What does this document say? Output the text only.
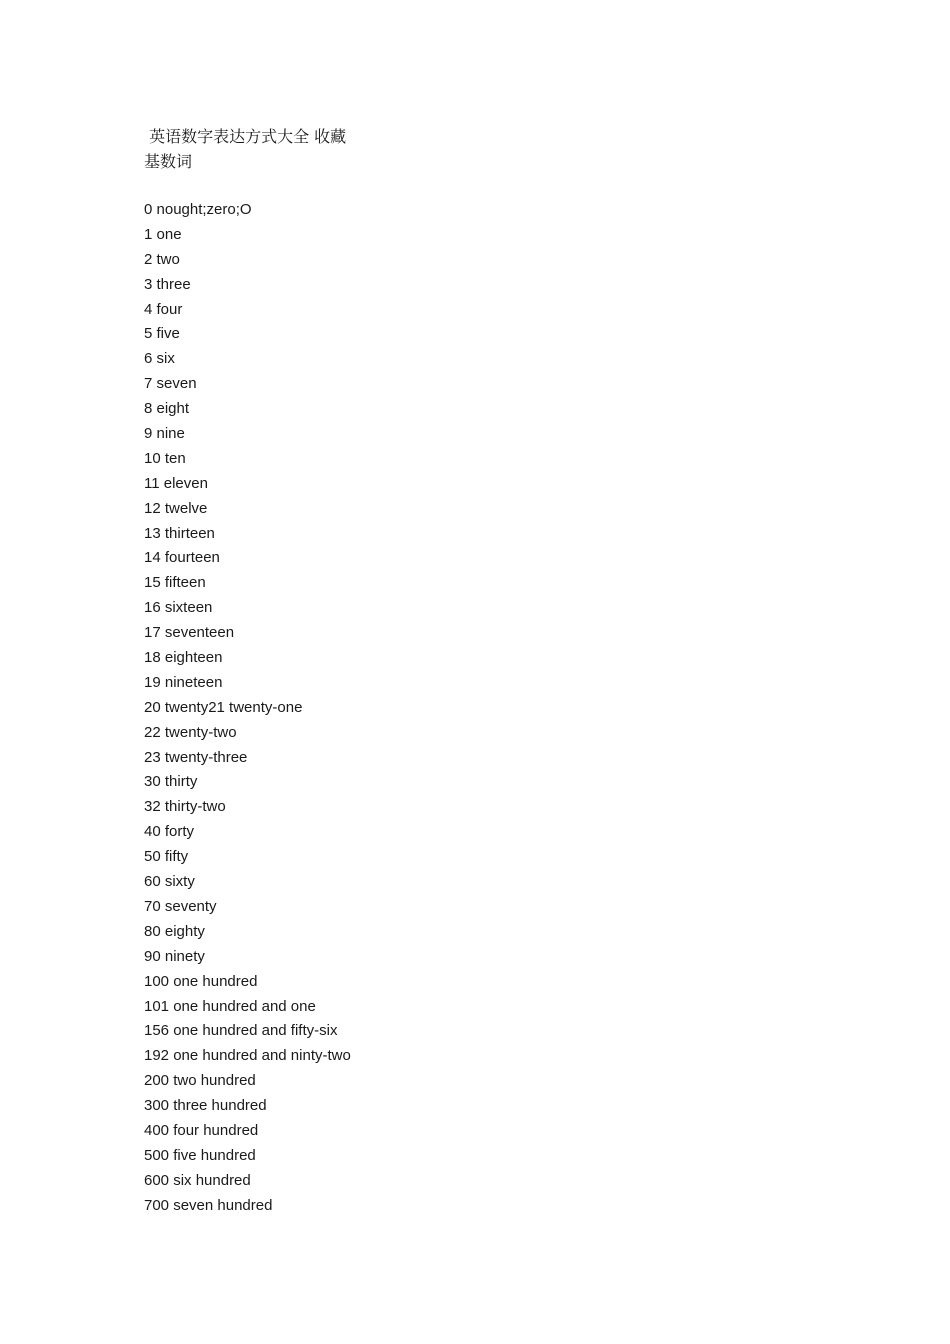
英语数字表达方式大全 收藏
基数词
0 nought;zero;O
1 one
2 two
3 three
4 four
5 five
6 six
7 seven
8 eight
9 nine
10 ten
11 eleven
12 twelve
13 thirteen
14 fourteen
15 fifteen
16 sixteen
17 seventeen
18 eighteen
19 nineteen
20 twenty21 twenty-one
22 twenty-two
23 twenty-three
30 thirty
32 thirty-two
40 forty
50 fifty
60 sixty
70 seventy
80 eighty
90 ninety
100 one hundred
101 one hundred and one
156 one hundred and fifty-six
192 one hundred and ninty-two
200 two hundred
300 three hundred
400 four hundred
500 five hundred
600 six hundred
700 seven hundred
